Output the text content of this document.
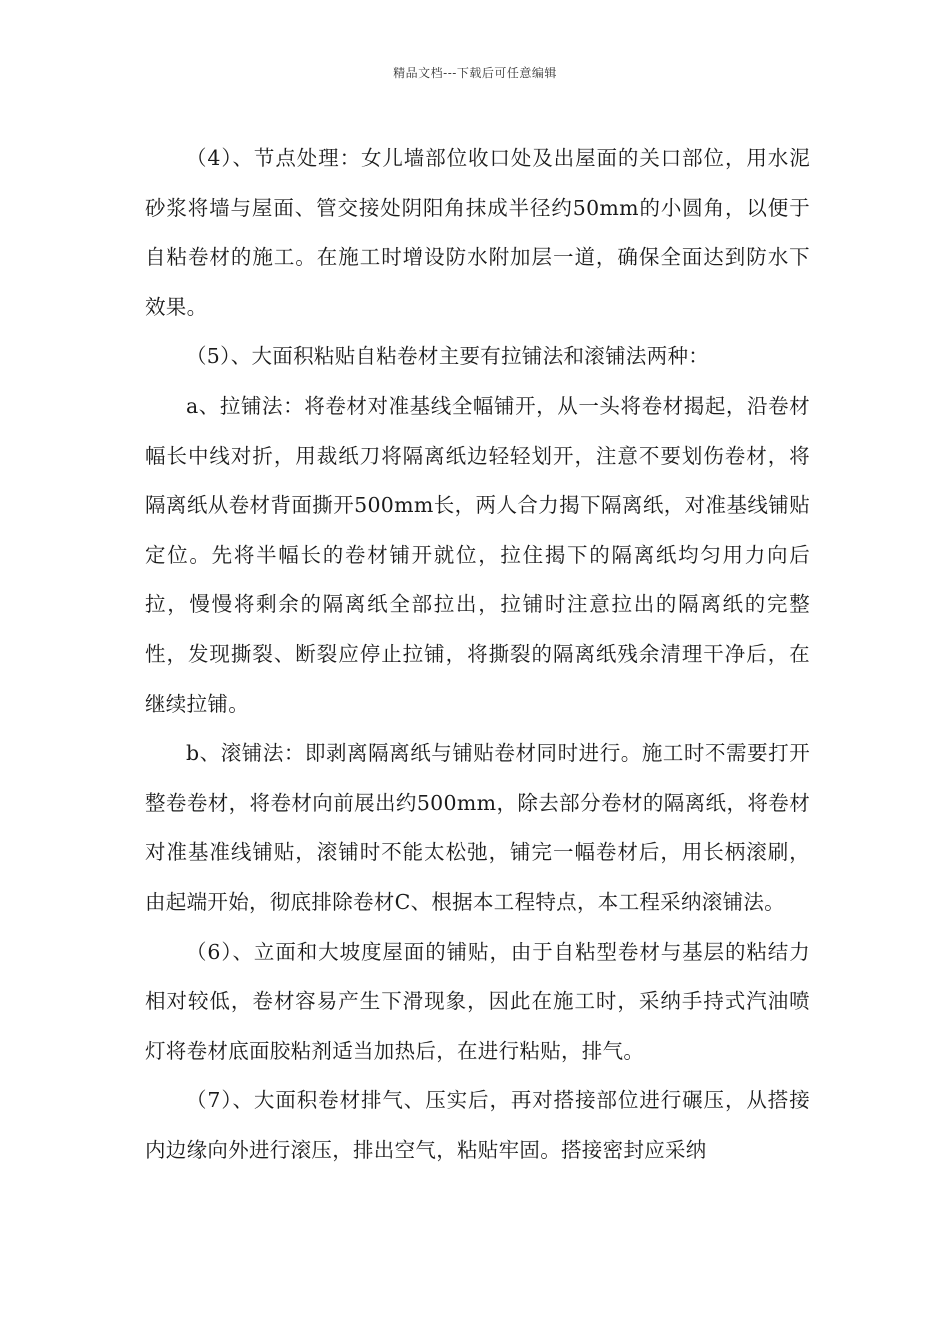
精品文档---下载后可任意编辑

（4）、节点处理：女儿墙部位收口处及出屋面的关口部位，用水泥砂浆将墙与屋面、管交接处阴阳角抹成半径约50mm的小圆角，以便于自粘卷材的施工。在施工时增设防水附加层一道，确保全面达到防水下效果。

（5）、大面积粘贴自粘卷材主要有拉铺法和滚铺法两种：

a、拉铺法：将卷材对准基线全幅铺开，从一头将卷材揭起，沿卷材幅长中线对折，用裁纸刀将隔离纸边轻轻划开，注意不要划伤卷材，将隔离纸从卷材背面撕开500mm长，两人合力揭下隔离纸，对准基线铺贴定位。先将半幅长的卷材铺开就位，拉住揭下的隔离纸均匀用力向后拉，慢慢将剩余的隔离纸全部拉出，拉铺时注意拉出的隔离纸的完整性，发现撕裂、断裂应停止拉铺，将撕裂的隔离纸残余清理干净后，在继续拉铺。

b、滚铺法：即剥离隔离纸与铺贴卷材同时进行。施工时不需要打开整卷卷材，将卷材向前展出约500mm，除去部分卷材的隔离纸，将卷材对准基准线铺贴，滚铺时不能太松弛，铺完一幅卷材后，用长柄滚刷，由起端开始，彻底排除卷材C、根据本工程特点，本工程采纳滚铺法。

（6）、立面和大坡度屋面的铺贴，由于自粘型卷材与基层的粘结力相对较低，卷材容易产生下滑现象，因此在施工时，采纳手持式汽油喷灯将卷材底面胶粘剂适当加热后，在进行粘贴，排气。

（7）、大面积卷材排气、压实后，再对搭接部位进行碾压，从搭接内边缘向外进行滚压，排出空气，粘贴牢固。搭接密封应采纳
